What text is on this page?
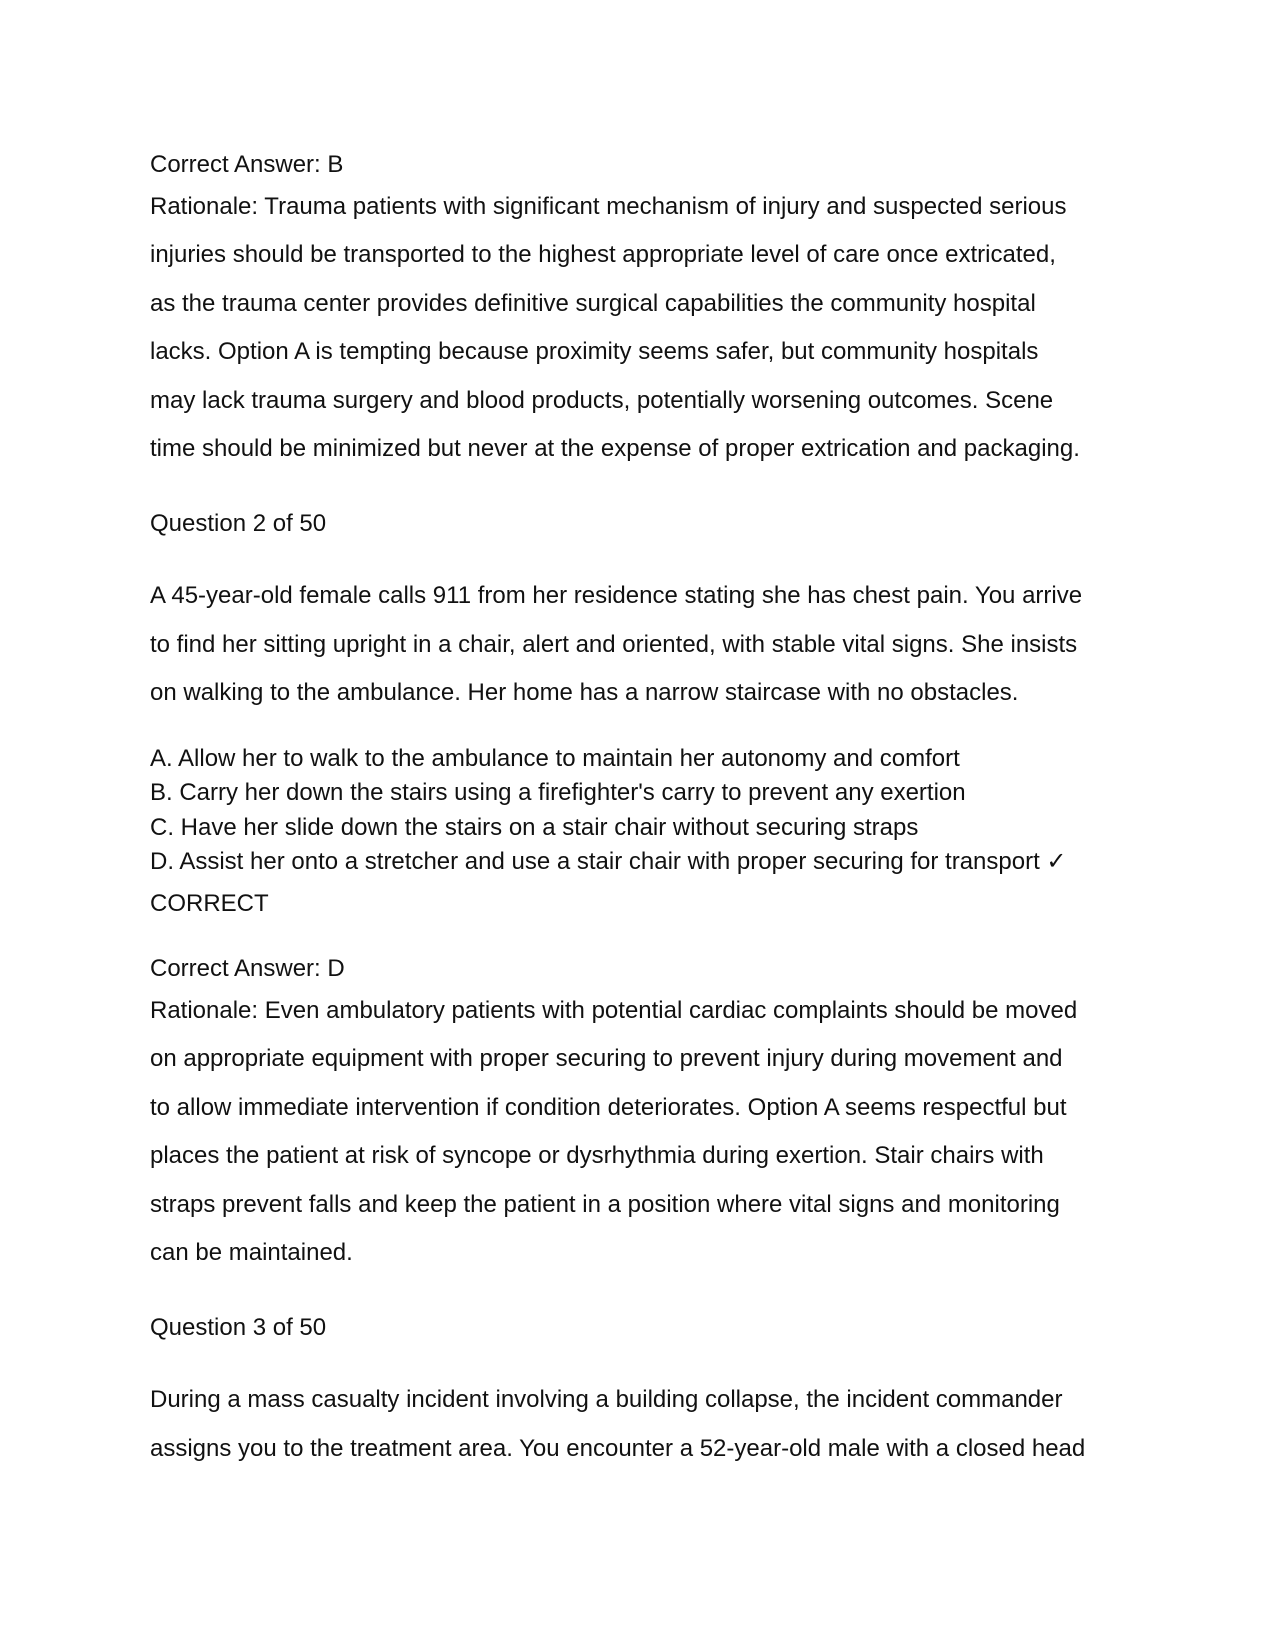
Correct Answer: B
Rationale: Trauma patients with significant mechanism of injury and suspected serious
injuries should be transported to the highest appropriate level of care once extricated,
as the trauma center provides definitive surgical capabilities the community hospital
lacks. Option A is tempting because proximity seems safer, but community hospitals
may lack trauma surgery and blood products, potentially worsening outcomes. Scene
time should be minimized but never at the expense of proper extrication and packaging.
Question 2 of 50
A 45-year-old female calls 911 from her residence stating she has chest pain. You arrive
to find her sitting upright in a chair, alert and oriented, with stable vital signs. She insists
on walking to the ambulance. Her home has a narrow staircase with no obstacles.
A. Allow her to walk to the ambulance to maintain her autonomy and comfort
B. Carry her down the stairs using a firefighter's carry to prevent any exertion
C. Have her slide down the stairs on a stair chair without securing straps
D. Assist her onto a stretcher and use a stair chair with proper securing for transport ✓
CORRECT
Correct Answer: D
Rationale: Even ambulatory patients with potential cardiac complaints should be moved
on appropriate equipment with proper securing to prevent injury during movement and
to allow immediate intervention if condition deteriorates. Option A seems respectful but
places the patient at risk of syncope or dysrhythmia during exertion. Stair chairs with
straps prevent falls and keep the patient in a position where vital signs and monitoring
can be maintained.
Question 3 of 50
During a mass casualty incident involving a building collapse, the incident commander
assigns you to the treatment area. You encounter a 52-year-old male with a closed head
